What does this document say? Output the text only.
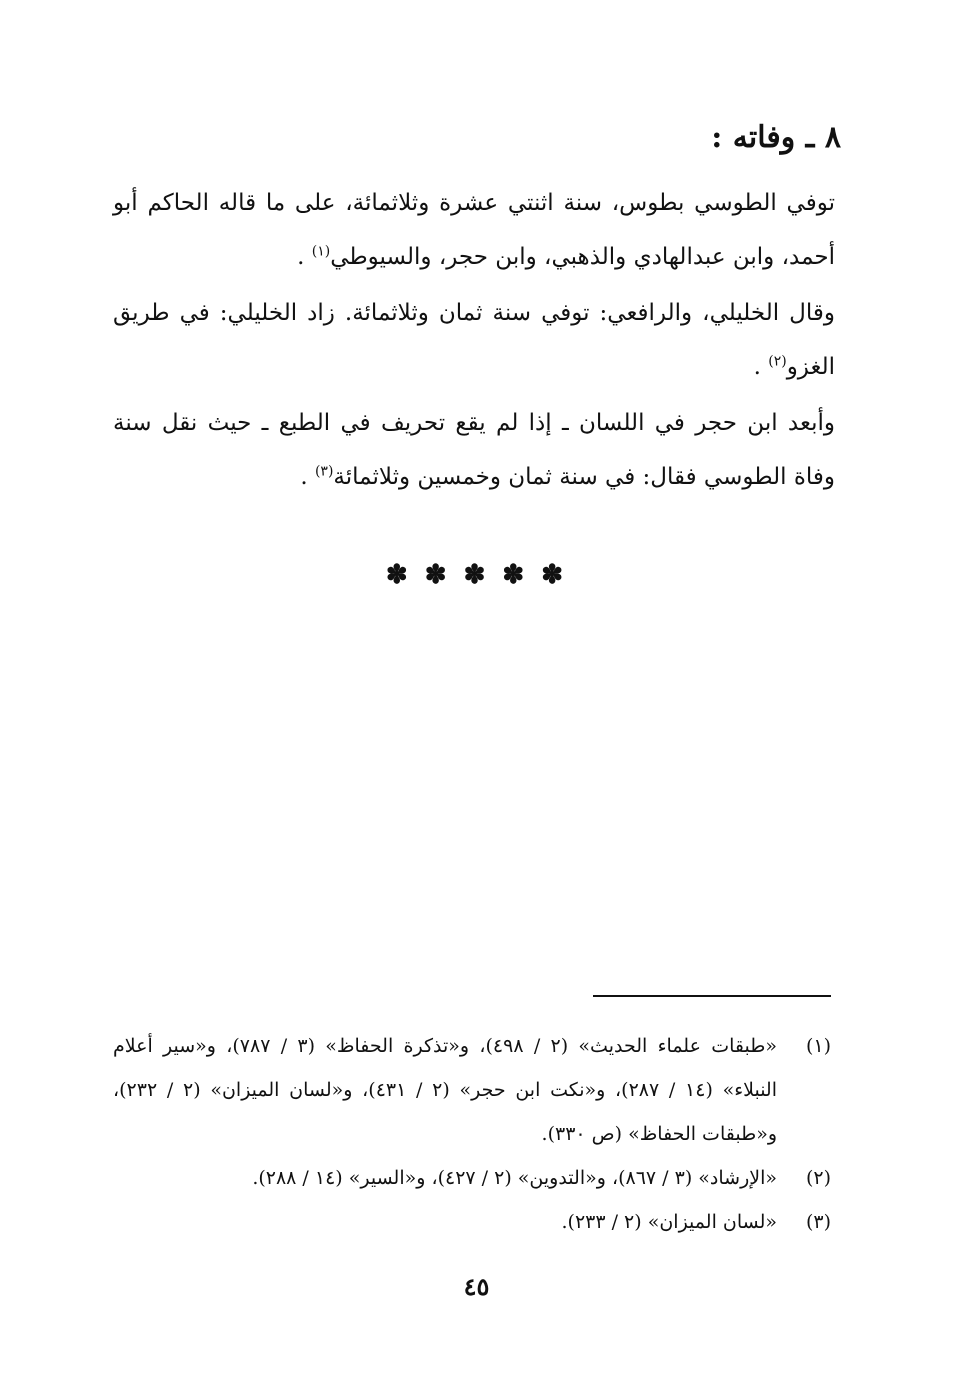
٨ ـ وفاته :

توفي الطوسي بطوس، سنة اثنتي عشرة وثلاثمائة، على ما قاله الحاكم أبو أحمد، وابن عبدالهادي والذهبي، وابن حجر، والسيوطي$^{(١)}$ .

وقال الخليلي، والرافعي: توفي سنة ثمان وثلاثمائة. زاد الخليلي: في طريق الغزو$^{(٢)}$ .

وأبعد ابن حجر في اللسان ـ إذا لم يقع تحريف في الطبع ـ حيث نقل سنة وفاة الطوسي فقال: في سنة ثمان وخمسين وثلاثمائة$^{(٣)}$ .

✽ ✽ ✽ ✽ ✽
(١)
«طبقات علماء الحديث» (٢ / ٤٩٨)، و«تذكرة الحفاظ» (٣ / ٧٨٧)، و«سير أعلام النبلاء» (١٤ / ٢٨٧)، و«نكت ابن حجر» (٢ / ٤٣١)، و«لسان الميزان» (٢ / ٢٣٢)، و«طبقات الحفاظ» (ص ٣٣٠).
(٢)
«الإرشاد» (٣ / ٨٦٧)، و«التدوين» (٢ / ٤٢٧)، و«السير» (١٤ / ٢٨٨).
(٣)
«لسان الميزان» (٢ / ٢٣٣).
٤٥
